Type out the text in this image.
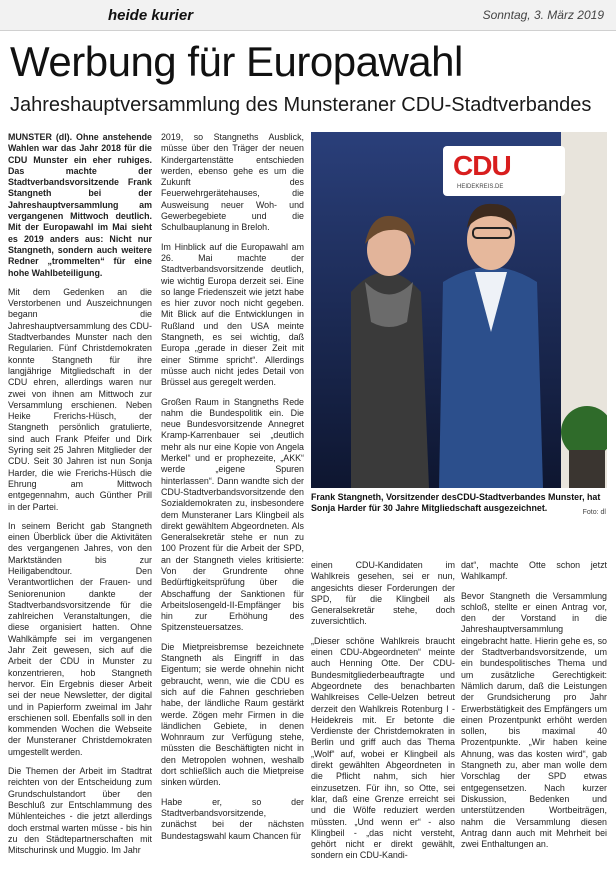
heide kurier	Sonntag, 3. März 2019
Werbung für Europawahl
Jahreshauptversammlung des Munsteraner CDU-Stadtverbandes

MUNSTER (dl). Ohne anstehende Wahlen war das Jahr 2018 für die CDU Munster ein eher ruhiges. Das machte der Stadtverbandsvorsitzende Frank Stangneth bei der Jahreshauptversammlung am vergangenen Mittwoch deutlich. Mit der Europawahl im Mai sieht es 2019 anders aus: Nicht nur Stangneth, sondern auch weitere Redner „trommelten“ für eine hohe Wahlbeteiligung.

Mit dem Gedenken an die Verstorbenen und Auszeichnungen begann die Jahreshauptversammlung des CDU-Stadtverbandes Munster nach den Regularien. Fünf Christdemokraten konnte Stangneth für ihre langjährige Mitgliedschaft in der CDU ehren, allerdings waren nur zwei von ihnen am Mittwoch zur Versammlung erschienen. Neben Heike Frerichs-Hüsch, der Stangneth persönlich gratulierte, sind auch Frank Pfeifer und Dirk Syring seit 25 Jahren Mitglieder der CDU. Seit 30 Jahren ist nun Sonja Harder, die wie Frerichs-Hüsch die Ehrung am Mittwoch entgegennahm, auch Günther Prill in der Partei.

In seinem Bericht gab Stangneth einen Überblick über die Aktivitäten des vergangenen Jahres, von den Marktständen bis zur Heiligabendtour. Den Verantwortlichen der Frauen- und Seniorenunion dankte der Stadtverbandsvorsitzende für die zahlreichen Veranstaltungen, die diese organisiert hatten. Ohne Wahlkämpfe sei im vergangenen Jahr Zeit gewesen, sich auf die Arbeit der CDU in Munster zu konzentrieren, hob Stangneth hervor. Ein Ergebnis dieser Arbeit sei der neue Newsletter, der digital und in Papierform zweimal im Jahr erschienen soll. Ebenfalls soll in den kommenden Wochen die Webseite der Munsteraner Christdemokraten umgestellt werden.

Die Themen der Arbeit im Stadtrat reichten von der Entscheidung zum Grundschulstandort über den Beschluß zur Entschlammung des Mühlenteiches - die jetzt allerdings doch erstmal warten müsse - bis hin zu den Städtepartnerschaften mit Mitschurinsk und Muggio. Im Jahr

2019, so Stangneths Ausblick, müsse über den Träger der neuen Kindergartenstätte entschieden werden, ebenso gehe es um die Zukunft des Feuerwehrgerätehauses, die Ausweisung neuer Woh- und Gewerbegebiete und die Schulbauplanung in Breloh.

Im Hinblick auf die Europawahl am 26. Mai machte der Stadtverbandsvorsitzende deutlich, wie wichtig Europa derzeit sei. Eine so lange Friedenszeit wie jetzt habe es hier zuvor noch nicht gegeben. Mit Blick auf die Entwicklungen in Rußland und den USA meinte Stangneth, es sei wichtig, daß Europa „gerade in dieser Zeit mit einer Stimme spricht“. Allerdings müsse auch nicht jedes Detail von Brüssel aus geregelt werden.

Großen Raum in Stangneths Rede nahm die Bundespolitik ein. Die neue Bundesvorsitzende Annegret Kramp-Karrenbauer sei „deutlich mehr als nur eine Kopie von Angela Merkel“ und er prophezeite, „AKK“ werde „eigene Spuren hinterlassen“. Dann wandte sich der CDU-Stadtverbandsvorsitzende den Sozialdemokraten zu, insbesondere dem Munsteraner Lars Klingbeil als direkt gewähltem Abgeordneten. Als Generalsekretär stehe er nun zu 100 Prozent für die Arbeit der SPD, an der Stangneth vieles kritisierte: Von der Grundrente ohne Bedürftigkeitsprüfung über die Abschaffung der Sanktionen für Arbeitslosengeld-II-Empfänger bis hin zur Erhöhung des Spitzensteuersatzes.

Die Mietpreisbremse bezeichnete Stangneth als Eingriff in das Eigentum; sie werde ohnehin nicht gebraucht, wenn, wie die CDU es sich auf die Fahnen geschrieben habe, der ländliche Raum gestärkt werde. Zögen mehr Firmen in die ländlichen Gebiete, in denen Wohnraum zur Verfügung stehe, müssten die Beschäftigten nicht in den Metropolen wohnen, weshalb dort schließlich auch die Mietpreise sinken würden.

Habe er, so der Stadtverbandsvorsitzende, zunächst bei der nächsten Bundestagswahl kaum Chancen für

CDU
HEIDEKREIS.DE
Frank Stangneth, Vorsitzender desCDU-Stadtverbandes Munster, hat Sonja Harder für 30 Jahre Mitgliedschaft ausgezeichnet.	Foto: dl

einen CDU-Kandidaten im Wahlkreis gesehen, sei er nun, angesichts dieser Forderungen der SPD, für die Klingbeil als Generalsekretär stehe, doch zuversichtlich.

„Dieser schöne Wahlkreis braucht einen CDU-Abgeordneten“ meinte auch Henning Otte. Der CDU-Bundesmitgliederbeauftragte und Abgeordnete des benachbarten Wahlkreises Celle-Uelzen betreut derzeit den Wahlkreis Rotenburg I - Heidekreis mit. Er betonte die Verdienste der Christdemokraten in Berlin und griff auch das Thema „Wolf“ auf, wobei er Klingbeil als direkt gewählten Abgeordneten in die Pflicht nahm, sich hier einzusetzen. Für ihn, so Otte, sei klar, daß eine Grenze erreicht sei und die Wölfe reduziert werden müssten. „Und wenn er“ - also Klingbeil - „das nicht versteht, gehört nicht er direkt gewählt, sondern ein CDU-Kandi-

dat“, machte Otte schon jetzt Wahlkampf.

Bevor Stangneth die Versammlung schloß, stellte er einen Antrag vor, den der Vorstand in die Jahreshauptversammlung eingebracht hatte. Hierin gehe es, so der Stadtverbandsvorsitzende, um ein bundespolitisches Thema und um zusätzliche Gerechtigkeit: Nämlich darum, daß die Leistungen der Grundsicherung pro Jahr Erwerbstätigkeit des Empfängers um einen Prozentpunkt erhöht werden sollen, bis maximal 40 Prozentpunkte. „Wir haben keine Ahnung, was das kosten wird“, gab Stangneth zu, aber man wolle dem Vorschlag der SPD etwas entgegensetzen. Nach kurzer Diskussion, Bedenken und unterstützenden Wortbeiträgen, nahm die Versammlung diesen Antrag dann auch mit Mehrheit bei zwei Enthaltungen an.
